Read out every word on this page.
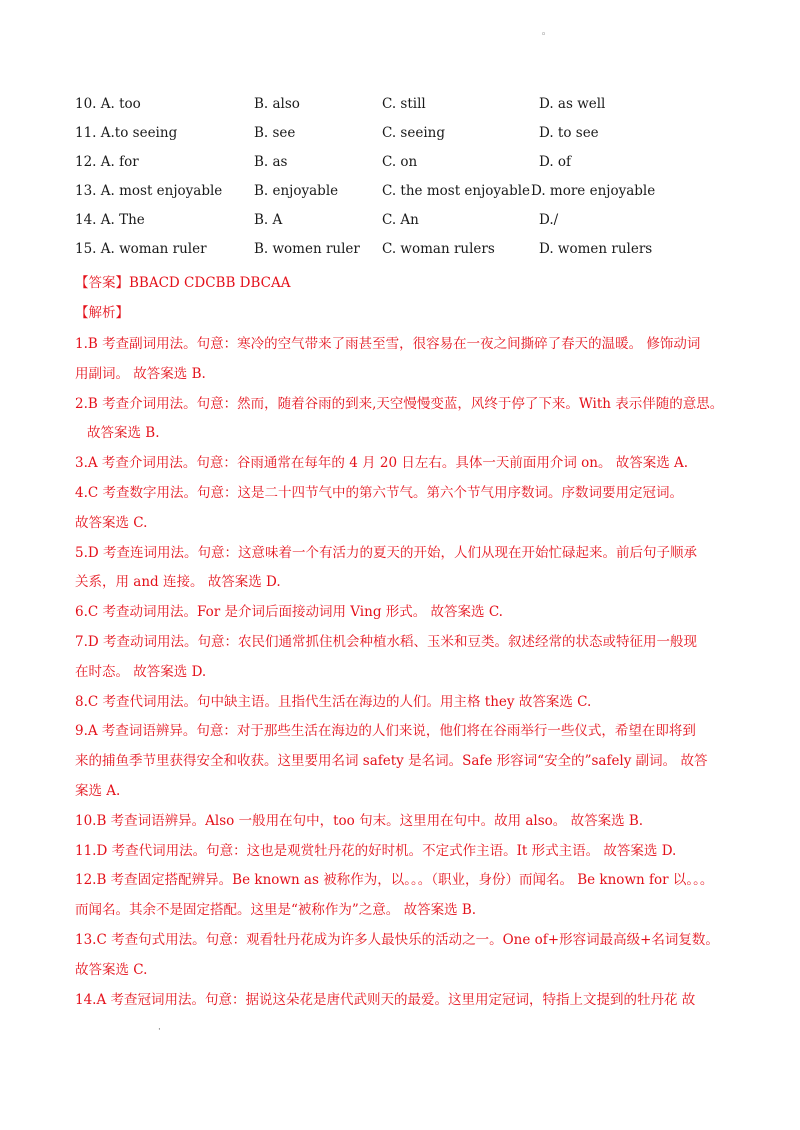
◦
10. A. too	B. also	C. still	D. as well
11. A.to seeing	B. see	C. seeing	D. to see
12. A. for	B. as	C. on	D. of
13. A. most enjoyable B. enjoyable	C. the most enjoyable D. more enjoyable
14. A. The	B. A	C. An	D./
15. A. woman ruler	B. women ruler C. woman rulers	D. women rulers
【答案】BBACD CDCBB DBCAA
【解析】

1.B 考查副词用法。句意：寒冷的空气带来了雨甚至雪，很容易在一夜之间撕碎了春天的温暖。 修饰动词

用副词。 故答案选 B.

2.B 考查介词用法。句意：然而，随着谷雨的到来,天空慢慢变蓝，风终于停了下来。With 表示伴随的意思。

故答案选 B.

3.A 考查介词用法。句意：谷雨通常在每年的 4 月 20 日左右。具体一天前面用介词 on。 故答案选 A.

4.C 考查数字用法。句意：这是二十四节气中的第六节气。第六个节气用序数词。序数词要用定冠词。

故答案选 C.

5.D 考查连词用法。句意：这意味着一个有活力的夏天的开始，人们从现在开始忙碌起来。前后句子顺承

关系，用 and 连接。 故答案选 D.

6.C 考查动词用法。For 是介词后面接动词用 Ving 形式。 故答案选 C.

7.D 考查动词用法。句意：农民们通常抓住机会种植水稻、玉米和豆类。叙述经常的状态或特征用一般现

在时态。 故答案选 D.

8.C 考查代词用法。句中缺主语。且指代生活在海边的人们。用主格 they 故答案选 C.

9.A 考查词语辨异。句意：对于那些生活在海边的人们来说，他们将在谷雨举行一些仪式，希望在即将到

来的捕鱼季节里获得安全和收获。这里要用名词 safety 是名词。Safe 形容词“安全的”safely 副词。 故答

案选 A.

10.B 考查词语辨异。Also 一般用在句中，too 句末。这里用在句中。故用 also。 故答案选 B.

11.D 考查代词用法。句意：这也是观赏牡丹花的好时机。不定式作主语。It 形式主语。 故答案选 D.

12.B 考查固定搭配辨异。Be known as 被称作为，以。。。（职业，身份）而闻名。 Be known for 以。。。

而闻名。其余不是固定搭配。这里是“被称作为”之意。 故答案选 B.

13.C 考查句式用法。句意：观看牡丹花成为许多人最快乐的活动之一。One of+形容词最高级+名词复数。

故答案选 C.

14.A 考查冠词用法。句意：据说这朵花是唐代武则天的最爱。这里用定冠词，特指上文提到的牡丹花 故

·
